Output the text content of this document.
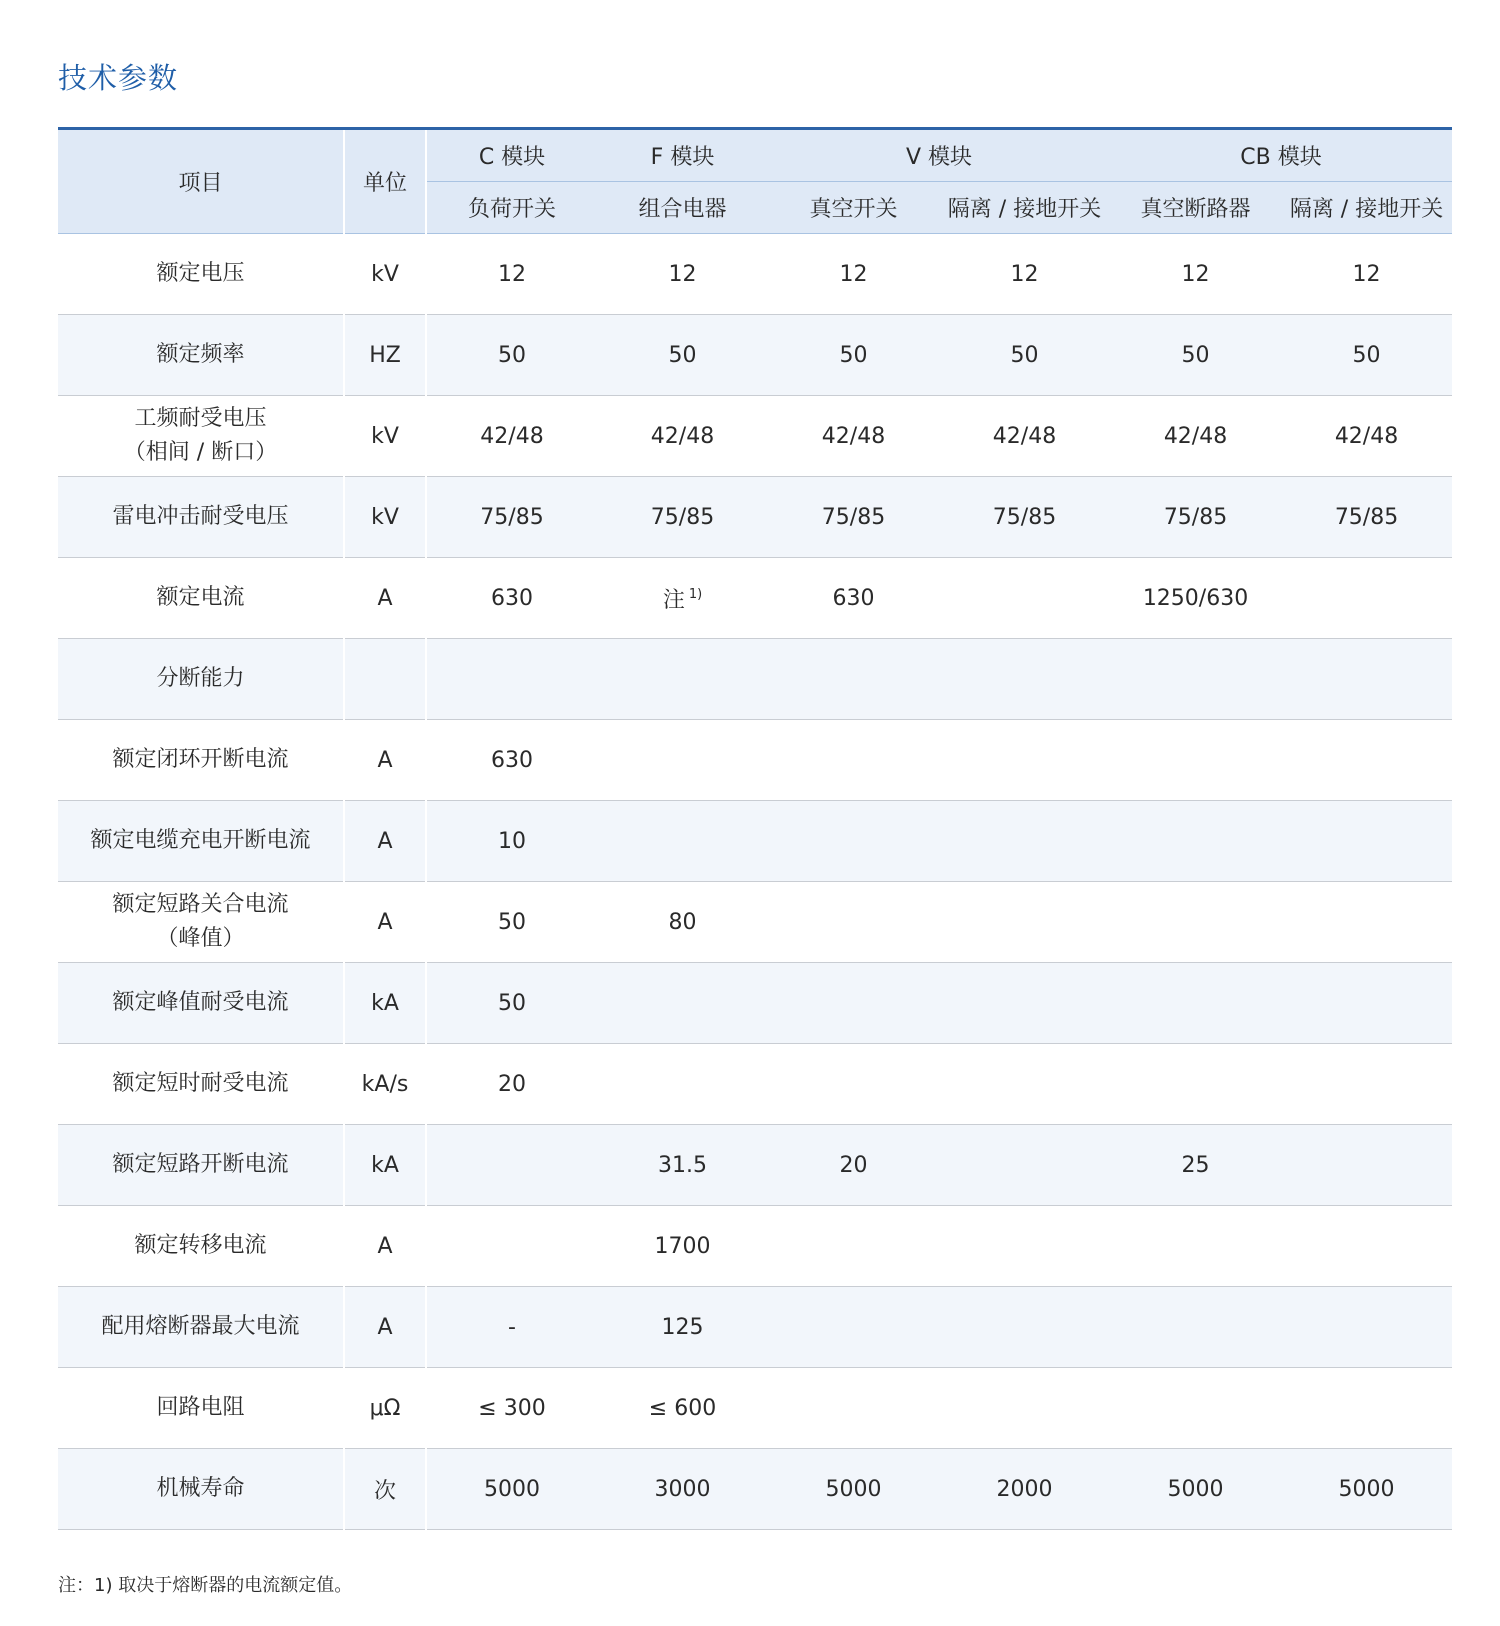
技术参数
项目	单位	C 模块	F 模块	V 模块		CB 模块	
		负荷开关	组合电器	真空开关	隔离 / 接地开关	真空断路器	隔离 / 接地开关

额定电压	kV	12	12	12	12	12	12

额定频率	HZ	50	50	50	50	50	50

工频耐受电压
（相间 / 断口）	kV	42/48	42/48	42/48	42/48	42/48	42/48

雷电冲击耐受电压	kV	75/85	75/85	75/85	75/85	75/85	75/85

额定电流	A	630	注 $^{1)}$	630		1250/630	

分断能力							

额定闭环开断电流	A	630					

额定电缆充电开断电流	A	10					

额定短路关合电流
（峰值）	A	50	80				

额定峰值耐受电流	kA	50					

额定短时耐受电流	kA/s	20					

额定短路开断电流	kA		31.5	20		25	

额定转移电流	A		1700				

配用熔断器最大电流	A	-	125				

回路电阻	μΩ	≤ 300	≤ 600				

机械寿命	次	5000	3000	5000	2000	5000	5000
注：1) 取决于熔断器的电流额定值。
